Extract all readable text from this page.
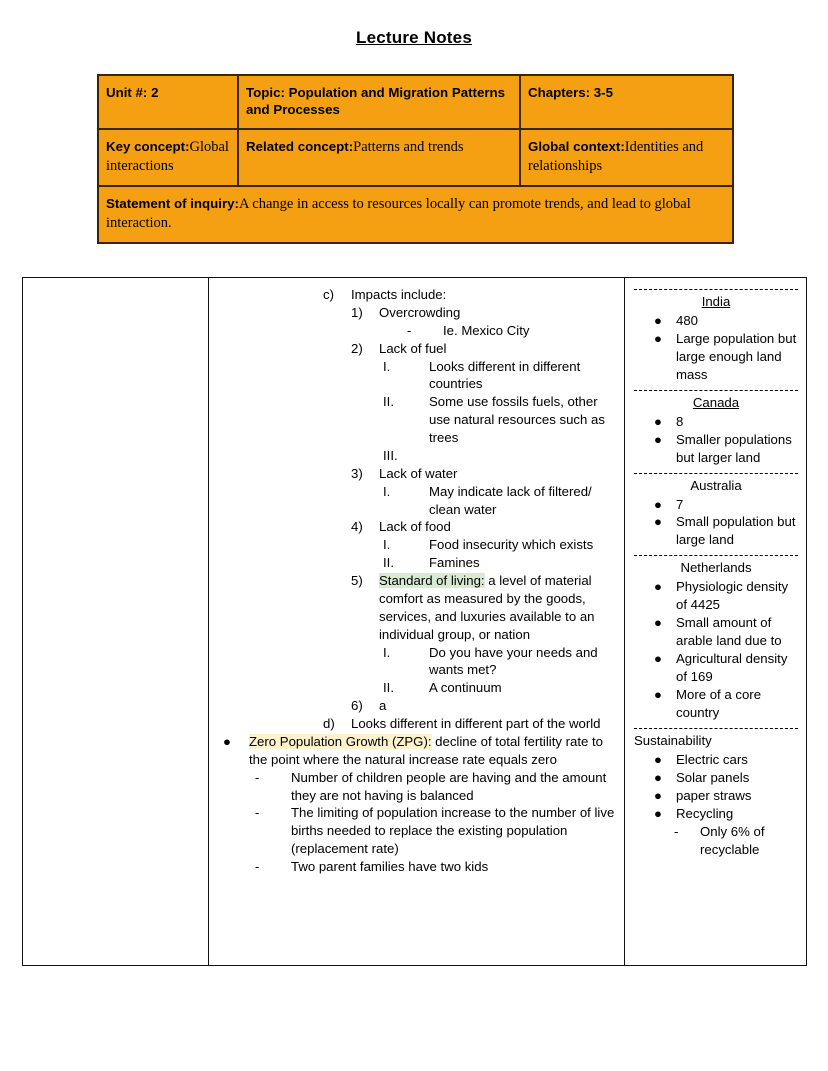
Lecture Notes
Unit #: 2	Topic: Population and Migration Patterns and Processes	Chapters: 3-5
Key concept:Global interactions	Related concept:Patterns and trends	Global context:Identities and relationships
Statement of inquiry:A change in access to resources locally can promote trends, and lead to global interaction.		

c)	Impacts include:
1)	Overcrowding
-	Ie. Mexico City
2)	Lack of fuel
I.	Looks different in different countries
II.	Some use fossils fuels, other use natural resources such as trees
III.
3)	Lack of water
I.	May indicate lack of filtered/ clean water
4)	Lack of food
I.	Food insecurity which exists
II.	Famines
5)	Standard of living: a level of material comfort as measured by the goods, services, and luxuries available to an individual group, or nation
I.	Do you have your needs and wants met?
II.	A continuum
6)	a
d)	Looks different in different part of the world
●	Zero Population Growth (ZPG): decline of total fertility rate to the point where the natural increase rate equals zero
-	Number of children people are having and the amount they are not having is balanced
-	The limiting of population increase to the number of live births needed to replace the existing population (replacement rate)
-	Two parent families have two kids

India
●	480
●	Large population but large enough land mass
Canada
●	8
●	Smaller populations but larger land
Australia
●	7
●	Small population but large land
Netherlands
●	Physiologic density of 4425
●	Small amount of arable land due to
●	Agricultural density of 169
●	More of a core country
Sustainability
●	Electric cars
●	Solar panels
●	paper straws
●	Recycling
-	Only 6% of recyclable
